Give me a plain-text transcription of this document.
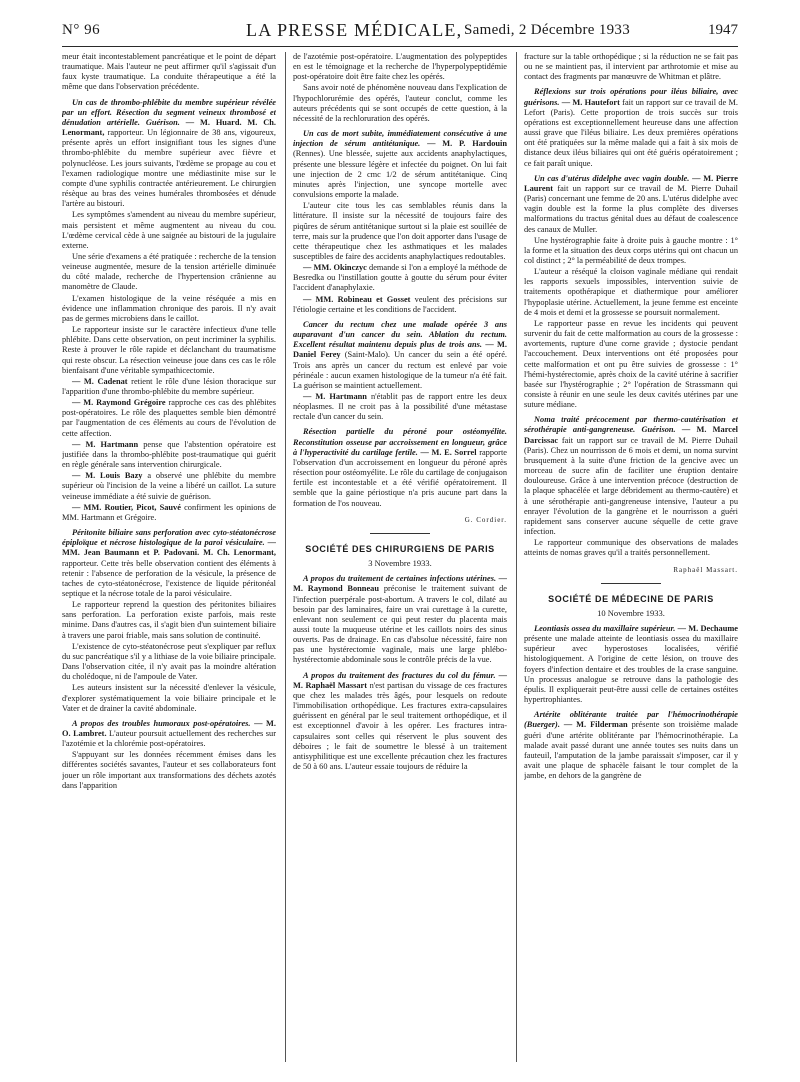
N° 96	LA PRESSE MÉDICALE, Samedi, 2 Décembre 1933	1947

meur était incontestablement pancréatique et le point de départ traumatique. Mais l'auteur ne peut affirmer qu'il s'agissait d'un faux kyste traumatique. La conduite thérapeutique a été la même que dans l'observation précédente.

Un cas de thrombo-phlébite du membre supérieur révélée par un effort. Résection du segment veineux thrombosé et dénudation artérielle. Guérison. — M. Huard. M. Ch. Lenormant, rapporteur. Un légionnaire de 38 ans, vigoureux, présente après un effort insignifiant tous les signes d'une thrombo-phlébite du membre supérieur avec fièvre et polynucléose. Les jours suivants, l'œdème se propage au cou et l'examen radiologique montre une médiastinite mise sur le compte d'une syphilis contractée antérieurement. Le chirurgien résèque au bras des veines humérales thrombosées et dénude l'artère au bistouri.

Les symptômes s'amendent au niveau du membre supérieur, mais persistent et même augmentent au niveau du cou. L'œdème cervical cède à une saignée au bistouri de la jugulaire externe.

Une série d'examens a été pratiquée : recherche de la tension veineuse augmentée, mesure de la tension artérielle diminuée du côté malade, recherche de l'hypertension crânienne au manomètre de Claude.

L'examen histologique de la veine réséquée a mis en évidence une inflammation chronique des parois. Il n'y avait pas de germes microbiens dans le caillot.

Le rapporteur insiste sur le caractère infectieux d'une telle phlébite. Dans cette observation, on peut incriminer la syphilis. Reste à prouver le rôle rapide et déclanchant du traumatisme qui reste obscur. La résection veineuse joue dans ces cas le rôle bienfaisant d'une véritable sympathicectomie.

— M. Cadenat retient le rôle d'une lésion thoracique sur l'apparition d'une thrombo-phlébite du membre supérieur.

— M. Raymond Grégoire rapproche ces cas des phlébites post-opératoires. Le rôle des plaquettes semble bien démontré par l'augmentation de ces éléments au cours de l'évolution de cette affection.

— M. Hartmann pense que l'abstention opératoire est justifiée dans la thrombo-phlébite post-traumatique qui guérit en règle générale sans intervention chirurgicale.

— M. Louis Bazy a observé une phlébite du membre supérieur où l'incision de la veine a libéré un caillot. La suture veineuse immédiate a été suivie de guérison.

— MM. Routier, Picot, Sauvé confirment les opinions de MM. Hartmann et Grégoire.

Péritonite biliaire sans perforation avec cyto-stéatonécrose épiploïque et nécrose histologique de la paroi vésiculaire. — MM. Jean Baumann et P. Padovani. M. Ch. Lenormant, rapporteur. Cette très belle observation contient des éléments à retenir : l'absence de perforation de la vésicule, la présence de taches de cyto-stéatonécrose, l'existence de liquide péritonéal septique et la nécrose totale de la paroi vésiculaire.

Le rapporteur reprend la question des péritonites biliaires sans perforation. La perforation existe parfois, mais reste minime. Dans d'autres cas, il s'agit bien d'un suintement biliaire à travers une paroi friable, mais sans solution de continuité.

L'existence de cyto-stéatonécrose peut s'expliquer par reflux du suc pancréatique s'il y a lithiase de la voie biliaire principale. Dans l'observation citée, il n'y avait pas la moindre altération du cholédoque, ni de l'ampoule de Vater.

Les auteurs insistent sur la nécessité d'enlever la vésicule, d'explorer systématiquement la voie biliaire principale et le Vater et de drainer la cavité abdominale.

A propos des troubles humoraux post-opératoires. — M. O. Lambret. L'auteur poursuit actuellement des recherches sur l'azotémie et la chlorémie post-opératoires.

S'appuyant sur les données récemment émises dans les différentes sociétés savantes, l'auteur et ses collaborateurs font jouer un rôle important aux transformations des déchets azotés dans l'apparition

de l'azotémie post-opératoire. L'augmentation des polypeptides en est le témoignage et la recherche de l'hyperpolypeptidémie post-opératoire doit être faite chez les opérés.

Sans avoir noté de phénomène nouveau dans l'explication de l'hypochlorurémie des opérés, l'auteur conclut, comme les auteurs précédents qui se sont occupés de cette question, à la nécessité de la rechloruration des opérés.

Un cas de mort subite, immédiatement consécutive à une injection de sérum antitétanique. — M. P. Hardouin (Rennes). Une blessée, sujette aux accidents anaphylactiques, présente une blessure légère et infectée du poignet. On lui fait une injection de 2 cmc 1/2 de sérum antitétanique. Cinq minutes après l'injection, une syncope mortelle avec convulsions emporte la malade.

L'auteur cite tous les cas semblables réunis dans la littérature. Il insiste sur la nécessité de toujours faire des piqûres de sérum antitétanique surtout si la plaie est souillée de terre, mais sur la prudence que l'on doit apporter dans l'usage de cette thérapeutique chez les asthmatiques et les malades susceptibles de faire des accidents anaphylactiques redoutables.

— MM. Okinczyc demande si l'on a employé la méthode de Besredka ou l'instillation goutte à goutte du sérum pour éviter l'accident d'anaphylaxie.

— MM. Robineau et Gosset veulent des précisions sur l'étiologie certaine et les conditions de l'accident.

Cancer du rectum chez une malade opérée 3 ans auparavant d'un cancer du sein. Ablation du rectum. Excellent résultat maintenu depuis plus de trois ans. — M. Daniel Ferey (Saint-Malo). Un cancer du sein a été opéré. Trois ans après un cancer du rectum est enlevé par voie périnéale : aucun examen histologique de la tumeur n'a été fait. La guérison se maintient actuellement.

— M. Hartmann n'établit pas de rapport entre les deux néoplasmes. Il ne croit pas à la possibilité d'une métastase rectale d'un cancer du sein.

Résection partielle du péroné pour ostéomyélite. Reconstitution osseuse par accroissement en longueur, grâce à l'hyperactivité du cartilage fertile. — M. E. Sorrel rapporte l'observation d'un accroissement en longueur du péroné après résection pour ostéomyélite. Le rôle du cartilage de conjugaison fertile est incontestable et a été vérifié opératoirement. Il semble que la gaine périostique n'a pris aucune part dans la formation de l'os nouveau.

G. Cordier.

SOCIÉTÉ DES CHIRURGIENS DE PARIS
3 Novembre 1933.

A propos du traitement de certaines infections utérines. — M. Raymond Bonneau préconise le traitement suivant de l'infection puerpérale post-abortum. A travers le col, dilaté au besoin par des laminaires, faire un vrai curettage à la curette, enlevant non seulement ce qui peut rester du placenta mais aussi toute la muqueuse utérine et les caillots noirs des sinus ouverts. Pas de drainage. En cas d'absolue nécessité, faire non pas une hystérectomie vaginale, mais une large phlébo-hystérectomie abdominale sous le contrôle précis de la vue.

A propos du traitement des fractures du col du fémur. — M. Raphaël Massart n'est partisan du vissage de ces fractures que chez les malades très âgés, pour lesquels on redoute l'immobilisation orthopédique. Les fractures extra-capsulaires guérissent en général par le seul traitement orthopédique, et il est exceptionnel d'avoir à les opérer. Les fractures intra-capsulaires sont celles qui réservent le plus souvent des déboires ; le fait de soumettre le blessé à un traitement antisyphilitique est une excellente précaution chez les fractures de 50 à 60 ans. L'auteur essaie toujours de réduire la

fracture sur la table orthopédique ; si la réduction ne se fait pas ou ne se maintient pas, il intervient par arthrotomie et mise au contact des fragments par manœuvre de Whitman et plâtre.

Réflexions sur trois opérations pour iléus biliaire, avec guérisons. — M. Hautefort fait un rapport sur ce travail de M. Lefort (Paris). Cette proportion de trois succès sur trois opérations est exceptionnellement heureuse dans une affection aussi grave que l'iléus biliaire. Les deux premières opérations ont été pratiquées sur la même malade qui a fait à six mois de distance deux iléus biliaires qui ont été guéris opératoirement ; ce fait paraît unique.

Un cas d'utérus didelphe avec vagin double. — M. Pierre Laurent fait un rapport sur ce travail de M. Pierre Duhail (Paris) concernant une femme de 20 ans. L'utérus didelphe avec vagin double est la forme la plus complète des diverses malformations du tractus génital dues au défaut de coalescence des canaux de Muller.

Une hystérographie faite à droite puis à gauche montre : 1° la forme et la situation des deux corps utérins qui ont chacun un col distinct ; 2° la perméabilité de deux trompes.

L'auteur a réséqué la cloison vaginale médiane qui rendait les rapports sexuels impossibles, intervention suivie de traitements opothérapique et diathermique pour améliorer l'hypoplasie utérine. Actuellement, la jeune femme est enceinte de 4 mois et demi et la grossesse se poursuit normalement.

Le rapporteur passe en revue les incidents qui peuvent survenir du fait de cette malformation au cours de la grossesse : avortements, rupture d'une corne gravide ; dystocie pendant l'accouchement. Deux interventions ont été proposées pour cette malformation et ont pu être suivies de grossesse : 1° l'hémi-hystérectomie, après choix de la cavité utérine à sacrifier basée sur l'hystérographie ; 2° l'opération de Strassmann qui consiste à réunir en une seule les deux cavités utérines par une suture médiane.

Noma traité précocement par thermo-cautérisation et sérothérapie anti-gangreneuse. Guérison. — M. Marcel Darcissac fait un rapport sur ce travail de M. Pierre Duhail (Paris). Chez un nourrisson de 6 mois et demi, un noma survint brusquement à la suite d'une friction de la gencive avec un morceau de sucre afin de faciliter une éruption dentaire douloureuse. Grâce à une intervention précoce (destruction de la plaque sphacélée et large débridement au thermo-cautère) et à une sérothérapie anti-gangreneuse intensive, l'auteur a pu enrayer l'évolution de la gangrène et le nourrisson a guéri rapidement sans conserver aucune séquelle de cette grave infection.

Le rapporteur communique des observations de malades atteints de nomas graves qu'il a traités personnellement.

Raphaël Massart.

SOCIÉTÉ DE MÉDECINE DE PARIS
10 Novembre 1933.

Leontiasis ossea du maxillaire supérieur. — M. Dechaume présente une malade atteinte de leontiasis ossea du maxillaire supérieur avec hyperostoses localisées, vérifié histologiquement. A l'origine de cette lésion, on trouve des foyers d'infection dentaire et des troubles de la crase sanguine. Un processus analogue se retrouve dans la pathologie des épulis. Il expliquerait peut-être aussi celle de certaines ostéites hypertrophiantes.

Artérite oblitérante traitée par l'hémocrinothérapie (Buerger). — M. Filderman présente son troisième malade guéri d'une artérite oblitérante par l'hémocrinothérapie. La malade avait passé durant une année toutes ses nuits dans un fauteuil, l'amputation de la jambe paraissait s'imposer, car il y avait une plaque de sphacèle faisant le tour complet de la jambe, en dehors de la gangrène de
